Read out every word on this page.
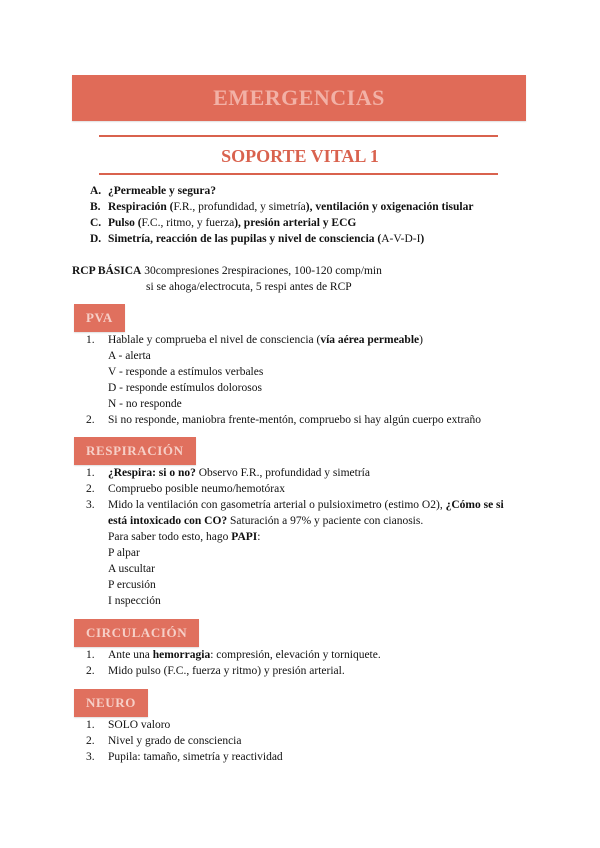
EMERGENCIAS
SOPORTE VITAL 1
A. ¿Permeable y segura?
B. Respiración (F.R., profundidad, y simetría), ventilación y oxigenación tisular
C. Pulso (F.C., ritmo, y fuerza), presión arterial y ECG
D. Simetría, reacción de las pupilas y nivel de consciencia (A-V-D-I)
RCP BÁSICA 30compresiones 2respiraciones, 100-120 comp/min
si se ahoga/electrocuta, 5 respi antes de RCP
PVA
1. Hablale y comprueba el nivel de consciencia (vía aérea permeable)
A - alerta
V - responde a estímulos verbales
D - responde estímulos dolorosos
N - no responde
2. Si no responde, maniobra frente-mentón, compruebo si hay algún cuerpo extraño
RESPIRACIÓN
1. ¿Respira: si o no? Observo F.R., profundidad y simetría
2. Compruebo posible neumo/hemotórax
3. Mido la ventilación con gasometría arterial o pulsioximetro (estimo O2), ¿Cómo se si
está intoxicado con CO? Saturación a 97% y paciente con cianosis.
Para saber todo esto, hago PAPI:
P alpar
A uscultar
P ercusión
I nspección
CIRCULACIÓN
1. Ante una hemorragia: compresión, elevación y torniquete.
2. Mido pulso (F.C., fuerza y ritmo) y presión arterial.
NEURO
1. SOLO valoro
2. Nivel y grado de consciencia
3. Pupila: tamaño, simetría y reactividad
